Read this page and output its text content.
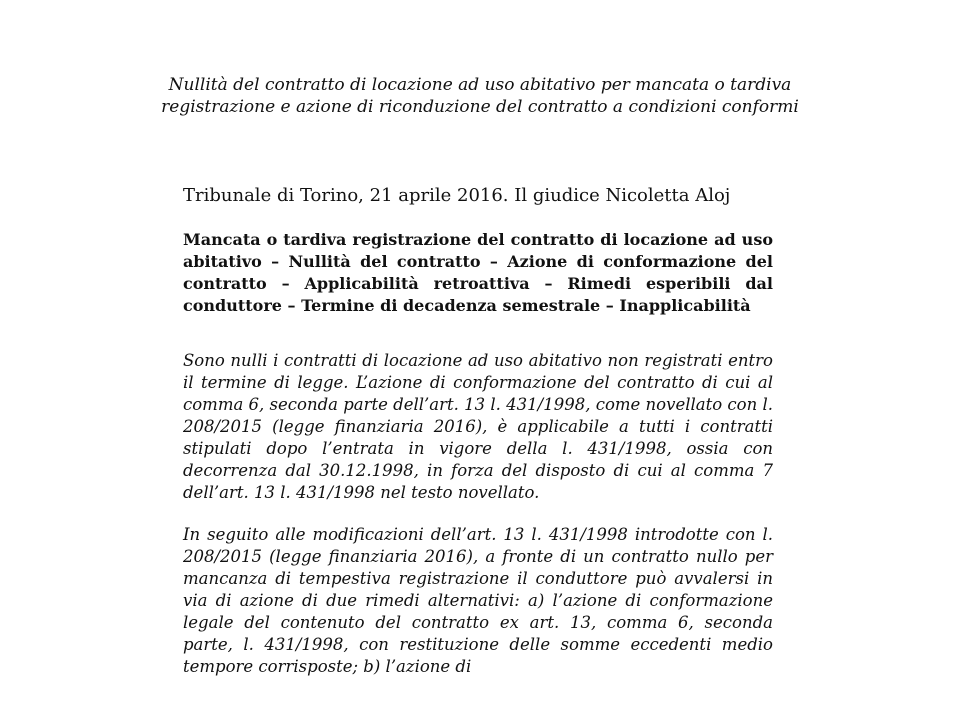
Nullità del contratto di locazione ad uso abitativo per mancata o tardiva registrazione e azione di riconduzione del contratto a condizioni conformi

Tribunale di Torino, 21 aprile 2016. Il giudice Nicoletta Aloj

Mancata o tardiva registrazione del contratto di locazione ad uso abitativo – Nullità del contratto – Azione di conformazione del contratto – Applicabilità retroattiva – Rimedi esperibili dal conduttore – Termine di decadenza semestrale – Inapplicabilità

Sono nulli i contratti di locazione ad uso abitativo non registrati entro il termine di legge. L’azione di conformazione del contratto di cui al comma 6, seconda parte dell’art. 13 l. 431/1998, come novellato con l. 208/2015 (legge finanziaria 2016), è applicabile a tutti i contratti stipulati dopo l’entrata in vigore della l. 431/1998, ossia con decorrenza dal 30.12.1998, in forza del disposto di cui al comma 7 dell’art. 13 l. 431/1998 nel testo novellato.

In seguito alle modificazioni dell’art. 13 l. 431/1998 introdotte con l. 208/2015 (legge finanziaria 2016), a fronte di un contratto nullo per mancanza di tempestiva registrazione il conduttore può avvalersi in via di azione di due rimedi alternativi: a) l’azione di conformazione legale del contenuto del contratto ex art. 13, comma 6, seconda parte, l. 431/1998, con restituzione delle somme eccedenti medio tempore corrisposte; b) l’azione di
